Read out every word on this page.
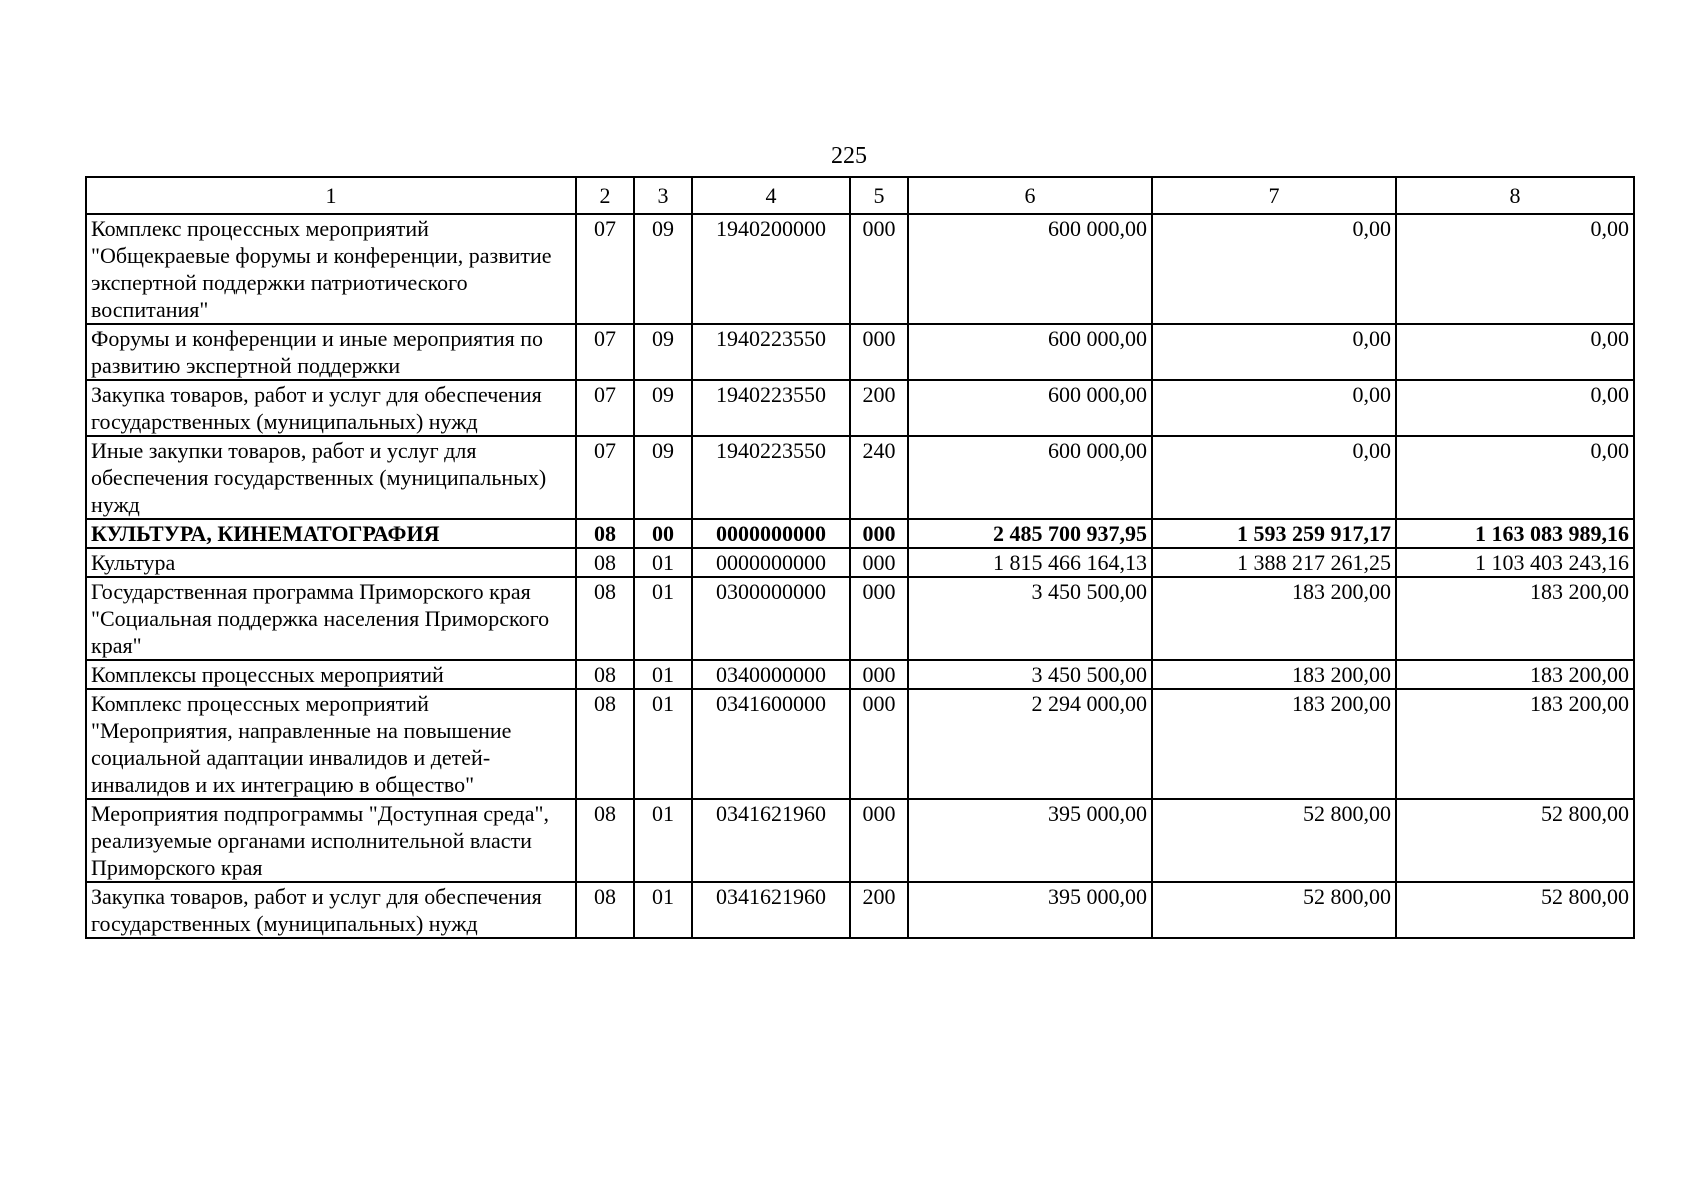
225
1	2	3	4	5	6	7	8
Комплекс процессных мероприятий "Общекраевые форумы и конференции, развитие экспертной поддержки патриотического воспитания"	07	09	1940200000	000	600 000,00	0,00	0,00
Форумы и конференции и иные мероприятия по развитию экспертной поддержки	07	09	1940223550	000	600 000,00	0,00	0,00
Закупка товаров, работ и услуг для обеспечения государственных (муниципальных) нужд	07	09	1940223550	200	600 000,00	0,00	0,00
Иные закупки товаров, работ и услуг для обеспечения государственных (муниципальных) нужд	07	09	1940223550	240	600 000,00	0,00	0,00
КУЛЬТУРА, КИНЕМАТОГРАФИЯ	08	00	0000000000	000	2 485 700 937,95	1 593 259 917,17	1 163 083 989,16
Культура	08	01	0000000000	000	1 815 466 164,13	1 388 217 261,25	1 103 403 243,16
Государственная программа Приморского края "Социальная поддержка населения Приморского края"	08	01	0300000000	000	3 450 500,00	183 200,00	183 200,00
Комплексы процессных мероприятий	08	01	0340000000	000	3 450 500,00	183 200,00	183 200,00
Комплекс процессных мероприятий "Мероприятия, направленные на повышение социальной адаптации инвалидов и детей-инвалидов и их интеграцию в общество"	08	01	0341600000	000	2 294 000,00	183 200,00	183 200,00
Мероприятия подпрограммы "Доступная среда", реализуемые органами исполнительной власти Приморского края	08	01	0341621960	000	395 000,00	52 800,00	52 800,00
Закупка товаров, работ и услуг для обеспечения государственных (муниципальных) нужд	08	01	0341621960	200	395 000,00	52 800,00	52 800,00
